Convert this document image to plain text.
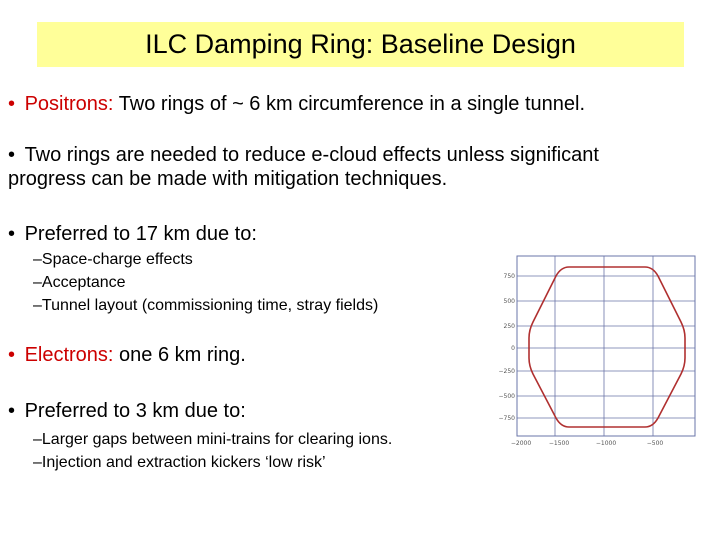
ILC Damping Ring: Baseline Design
• Positrons: Two rings of ~ 6 km circumference in a single tunnel.
• Two rings are needed to reduce e-cloud effects unless significant
progress can be made with mitigation techniques.
• Preferred to 17 km due to:
–Space-charge effects
–Acceptance
–Tunnel layout (commissioning time, stray fields)
• Electrons: one 6 km ring.
• Preferred to 3 km due to:
–Larger gaps between mini-trains for clearing ions.
–Injection and extraction kickers ‘low risk’
750
500
250
0
−250
−500
−750
−2000	−1500	−1000	−500
